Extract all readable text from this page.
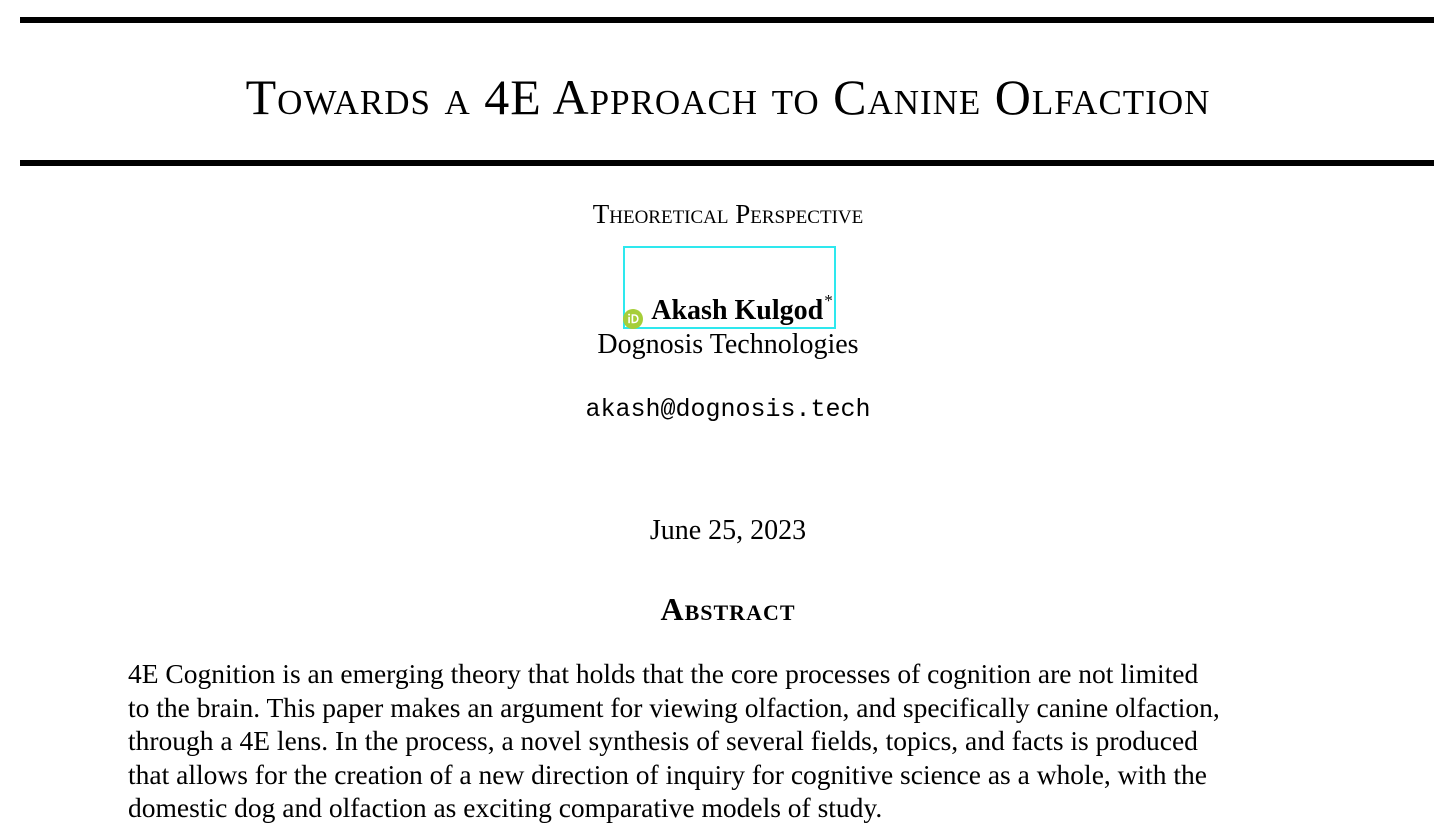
Towards a 4E Approach to Canine Olfaction
Theoretical Perspective
Akash Kulgod *
Dognosis Technologies
akash@dognosis.tech
June 25, 2023
Abstract
4E Cognition is an emerging theory that holds that the core processes of cognition are not limited
to the brain. This paper makes an argument for viewing olfaction, and specifically canine olfaction,
through a 4E lens. In the process, a novel synthesis of several fields, topics, and facts is produced
that allows for the creation of a new direction of inquiry for cognitive science as a whole, with the
domestic dog and olfaction as exciting comparative models of study.
